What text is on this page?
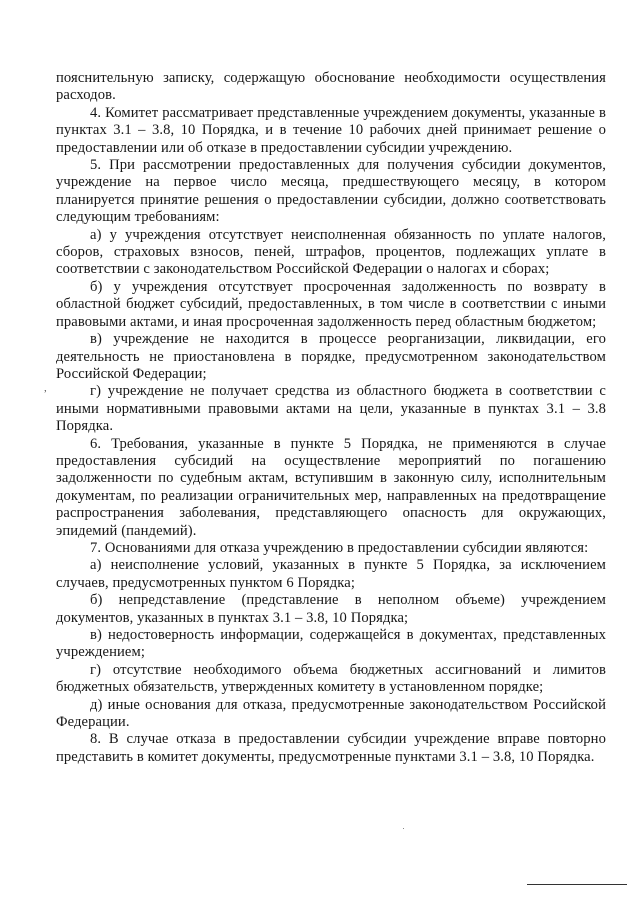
пояснительную записку, содержащую обоснование необходимости осуществления расходов.

4. Комитет рассматривает представленные учреждением документы, указанные в пунктах 3.1 – 3.8, 10 Порядка, и в течение 10 рабочих дней принимает решение о предоставлении или об отказе в предоставлении субсидии учреждению.

5. При рассмотрении предоставленных для получения субсидии документов, учреждение на первое число месяца, предшествующего месяцу, в котором планируется принятие решения о предоставлении субсидии, должно соответствовать следующим требованиям:

а) у учреждения отсутствует неисполненная обязанность по уплате налогов, сборов, страховых взносов, пеней, штрафов, процентов, подлежащих уплате в соответствии с законодательством Российской Федерации о налогах и сборах;

б) у учреждения отсутствует просроченная задолженность по возврату в областной бюджет субсидий, предоставленных, в том числе в соответствии с иными правовыми актами, и иная просроченная задолженность перед областным бюджетом;

в) учреждение не находится в процессе реорганизации, ликвидации, его деятельность не приостановлена в порядке, предусмотренном законодательством Российской Федерации;

г) учреждение не получает средства из областного бюджета в соответствии с иными нормативными правовыми актами на цели, указанные в пунктах 3.1 – 3.8 Порядка.

6. Требования, указанные в пункте 5 Порядка, не применяются в случае предоставления субсидий на осуществление мероприятий по погашению задолженности по судебным актам, вступившим в законную силу, исполнительным документам, по реализации ограничительных мер, направленных на предотвращение распространения заболевания, представляющего опасность для окружающих, эпидемий (пандемий).

7. Основаниями для отказа учреждению в предоставлении субсидии являются:

а) неисполнение условий, указанных в пункте 5 Порядка, за исключением случаев, предусмотренных пунктом 6 Порядка;

б) непредставление (представление в неполном объеме) учреждением документов, указанных в пунктах 3.1 – 3.8, 10 Порядка;

в) недостоверность информации, содержащейся в документах, представленных учреждением;

г) отсутствие необходимого объема бюджетных ассигнований и лимитов бюджетных обязательств, утвержденных комитету в установленном порядке;

д) иные основания для отказа, предусмотренные законодательством Российской Федерации.

8. В случае отказа в предоставлении субсидии учреждение вправе повторно представить в комитет документы, предусмотренные пунктами 3.1 – 3.8, 10 Порядка.

,
